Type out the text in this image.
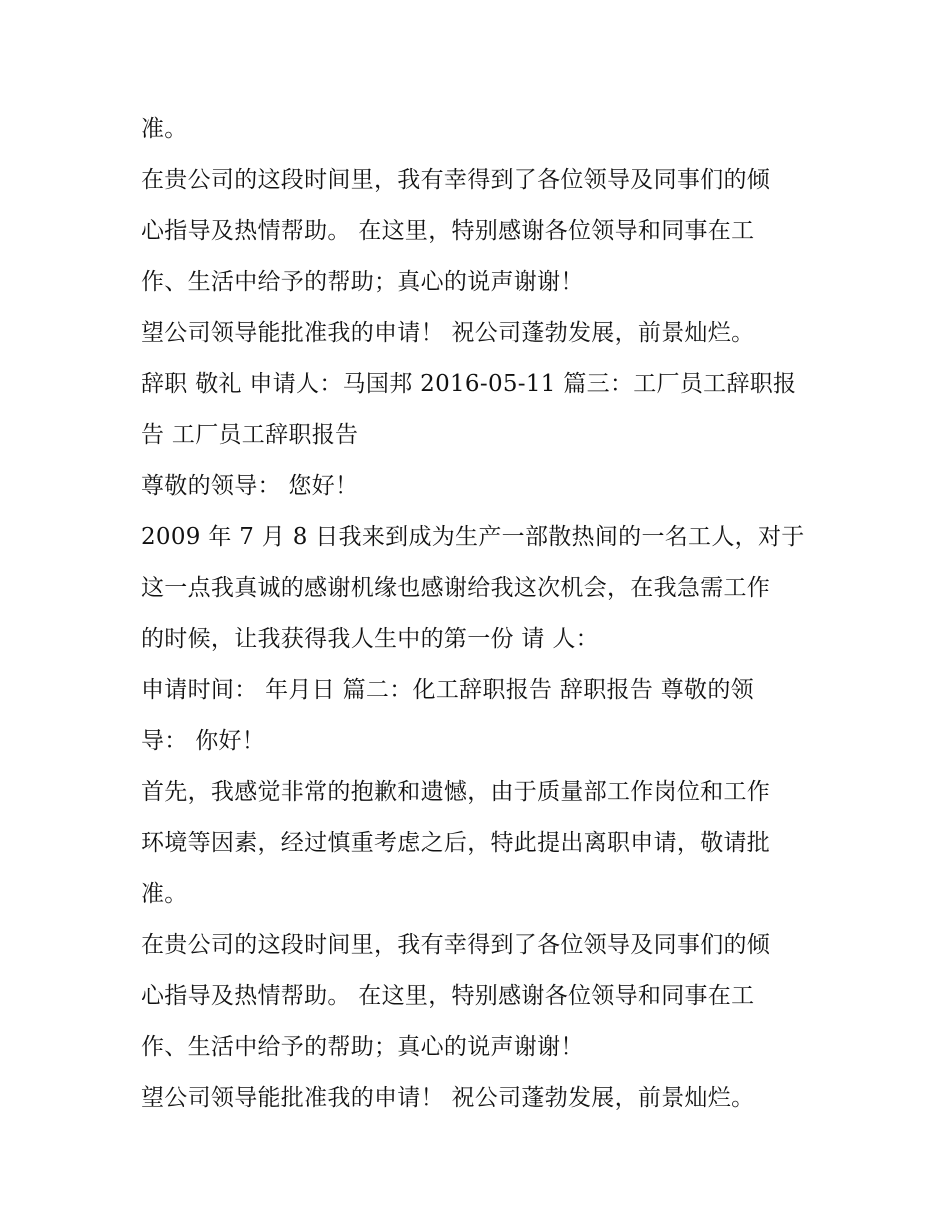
准。
在贵公司的这段时间里，我有幸得到了各位领导及同事们的倾
心指导及热情帮助。 在这里，特别感谢各位领导和同事在工
作、生活中给予的帮助；真心的说声谢谢！
望公司领导能批准我的申请！ 祝公司蓬勃发展，前景灿烂。
辞职 敬礼 申请人：马国邦 2016-05-11 篇三：工厂员工辞职报
告 工厂员工辞职报告
尊敬的领导： 您好！
2009 年 7 月 8 日我来到成为生产一部散热间的一名工人，对于
这一点我真诚的感谢机缘也感谢给我这次机会，在我急需工作
的时候，让我获得我人生中的第一份 请 人：
申请时间： 年月日 篇二：化工辞职报告 辞职报告 尊敬的领
导： 你好！
首先，我感觉非常的抱歉和遗憾，由于质量部工作岗位和工作
环境等因素，经过慎重考虑之后，特此提出离职申请，敬请批
准。
在贵公司的这段时间里，我有幸得到了各位领导及同事们的倾
心指导及热情帮助。 在这里，特别感谢各位领导和同事在工
作、生活中给予的帮助；真心的说声谢谢！
望公司领导能批准我的申请！ 祝公司蓬勃发展，前景灿烂。
